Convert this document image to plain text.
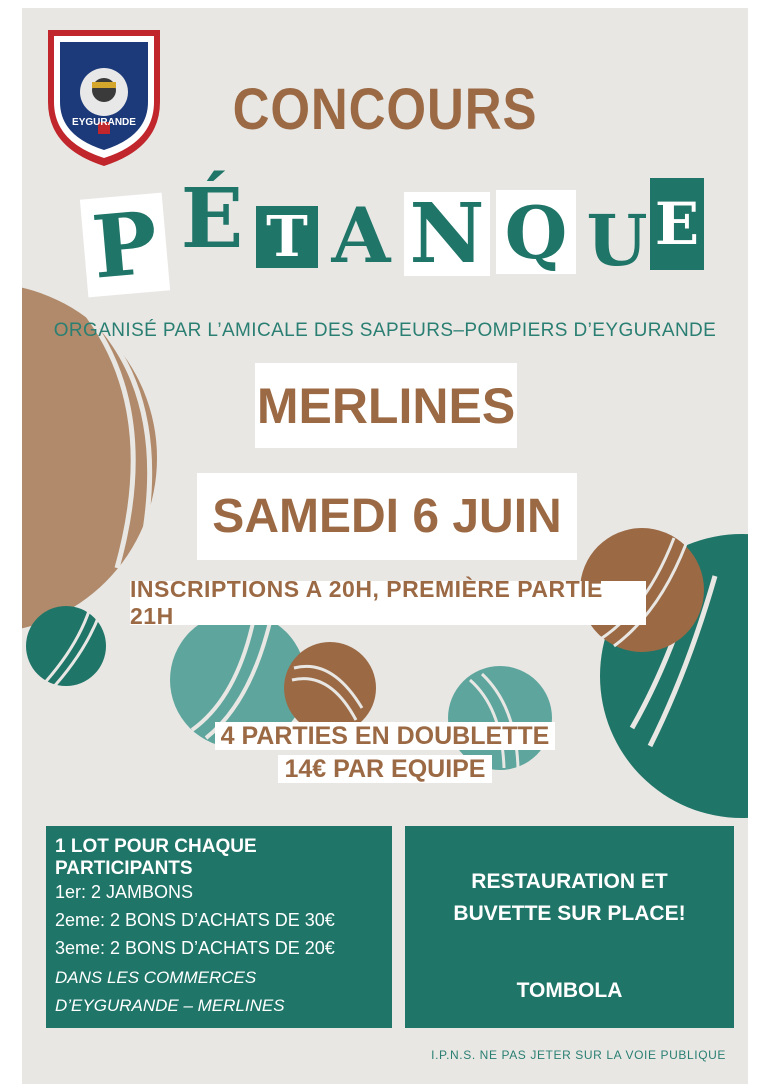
EYGURANDE	CONCOURS
P É T A N Q U E
ORGANISÉ PAR L’AMICALE DES SAPEURS–POMPIERS D’EYGURANDE
MERLINES
SAMEDI 6 JUIN
INSCRIPTIONS A 20H, PREMIÈRE PARTIE 21H
4 PARTIES EN DOUBLETTE
14€ PAR EQUIPE
1 LOT POUR CHAQUE PARTICIPANTS
1er: 2 JAMBONS
2eme: 2 BONS D’ACHATS DE 30€
3eme: 2 BONS D’ACHATS DE 20€
DANS LES COMMERCES
D’EYGURANDE – MERLINES
RESTAURATION ET
BUVETTE SUR PLACE!
TOMBOLA
I.P.N.S. NE PAS JETER SUR LA VOIE PUBLIQUE
